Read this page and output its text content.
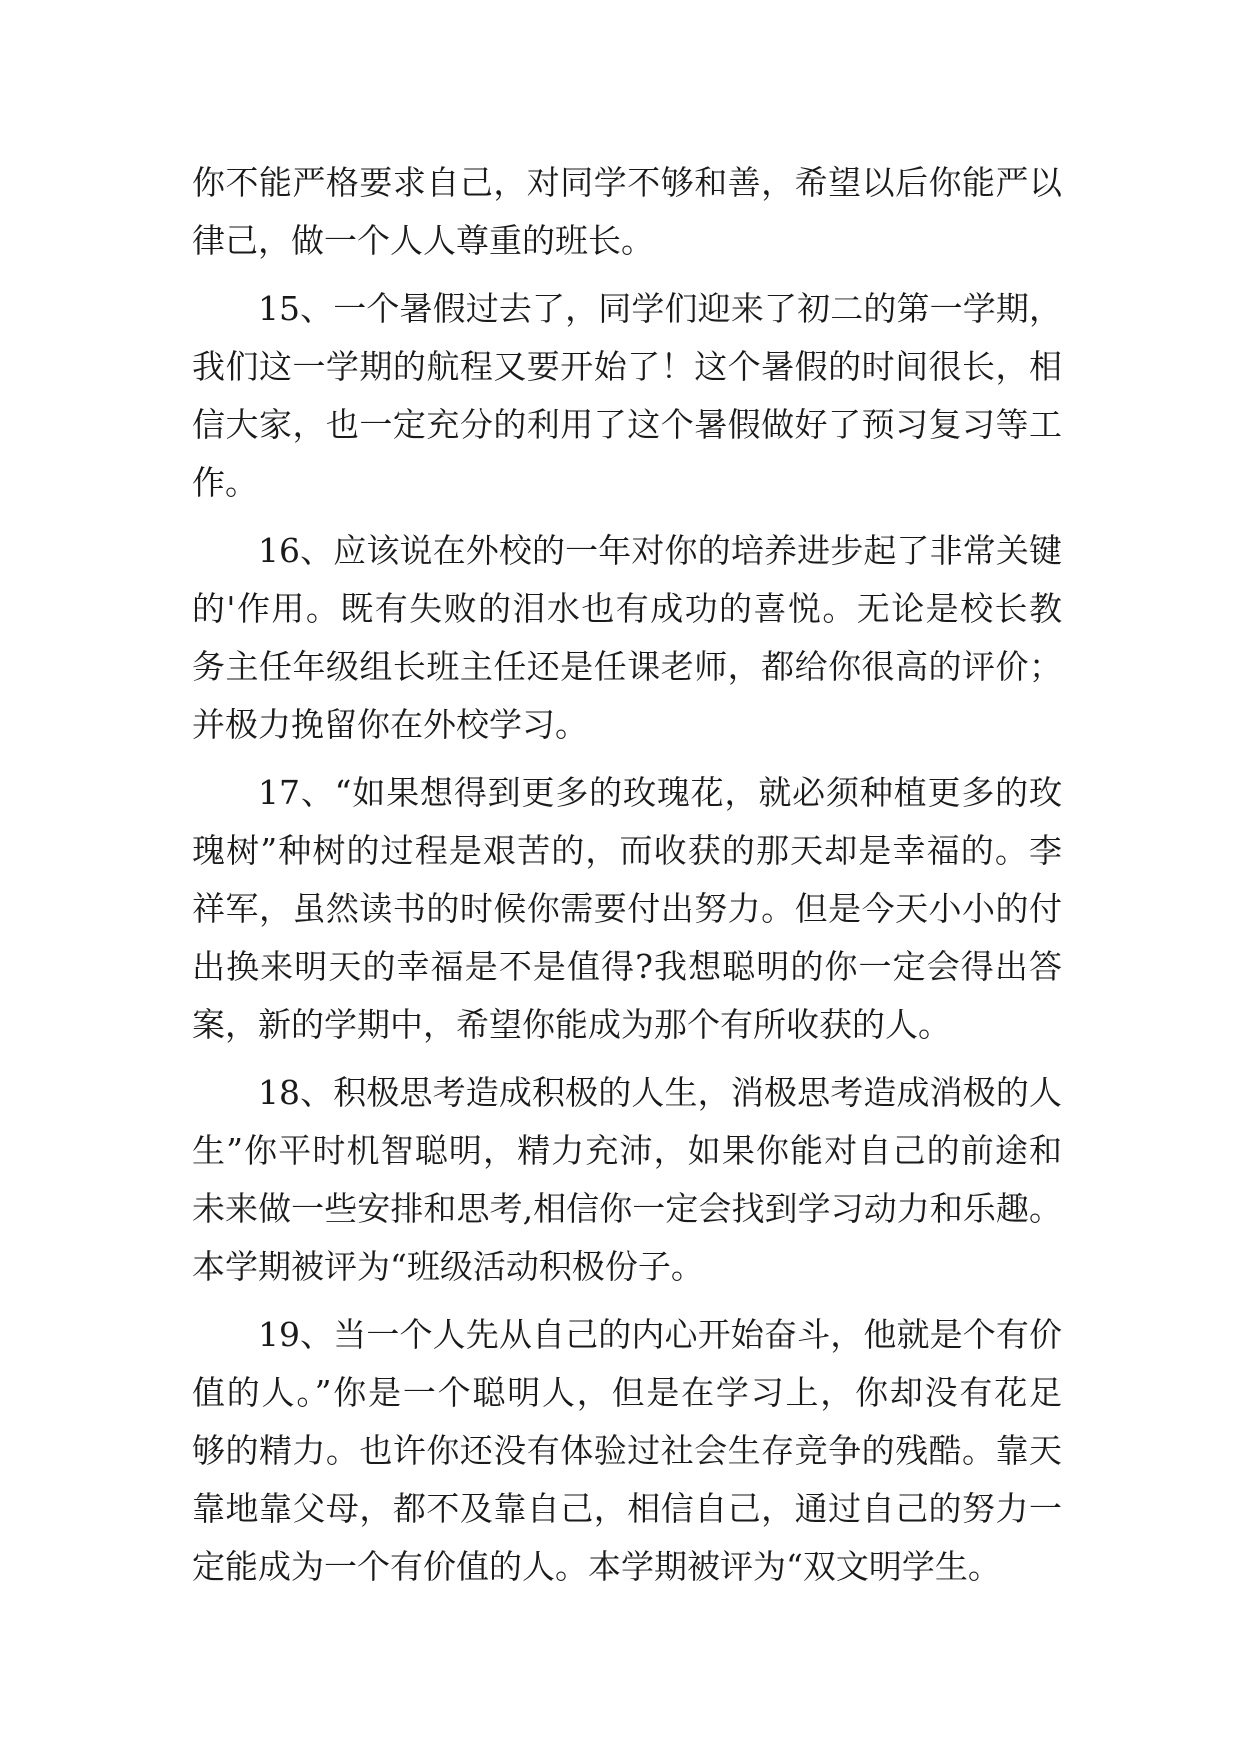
你不能严格要求自己，对同学不够和善，希望以后你能严以
律己，做一个人人尊重的班长。
15、一个暑假过去了，同学们迎来了初二的第一学期，
我们这一学期的航程又要开始了！这个暑假的时间很长，相
信大家，也一定充分的利用了这个暑假做好了预习复习等工
作。
16、应该说在外校的一年对你的培养进步起了非常关键
的'作用。既有失败的泪水也有成功的喜悦。无论是校长教
务主任年级组长班主任还是任课老师，都给你很高的评价；
并极力挽留你在外校学习。
17、“如果想得到更多的玫瑰花，就必须种植更多的玫
瑰树”种树的过程是艰苦的，而收获的那天却是幸福的。李
祥军，虽然读书的时候你需要付出努力。但是今天小小的付
出换来明天的幸福是不是值得?我想聪明的你一定会得出答
案，新的学期中，希望你能成为那个有所收获的人。
18、积极思考造成积极的人生，消极思考造成消极的人
生”你平时机智聪明，精力充沛，如果你能对自己的前途和
未来做一些安排和思考,相信你一定会找到学习动力和乐趣。
本学期被评为“班级活动积极份子。
19、当一个人先从自己的内心开始奋斗，他就是个有价
值的人。”你是一个聪明人，但是在学习上，你却没有花足
够的精力。也许你还没有体验过社会生存竞争的残酷。靠天
靠地靠父母，都不及靠自己，相信自己，通过自己的努力一
定能成为一个有价值的人。本学期被评为“双文明学生。
